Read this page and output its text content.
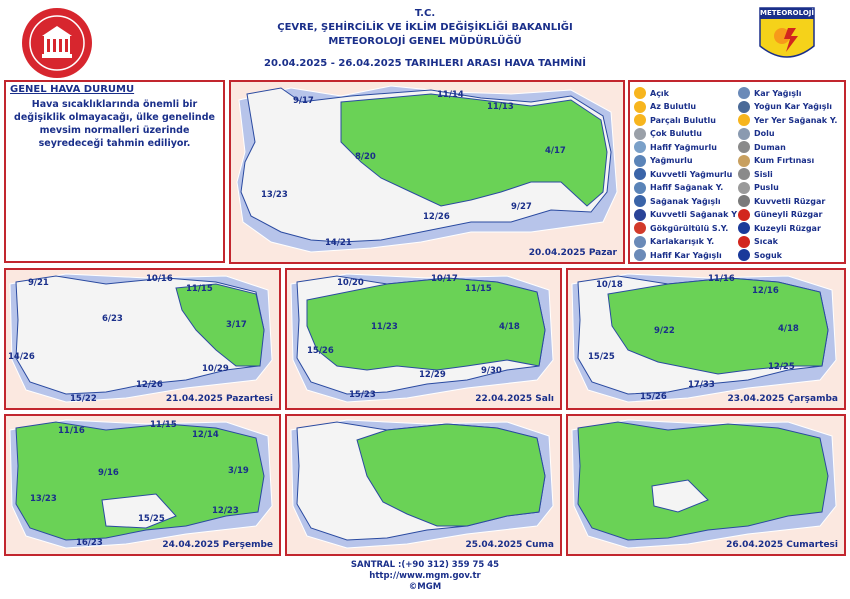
T.C.
ÇEVRE, ŞEHİRCİLİK VE İKLİM DEĞİŞİKLİĞİ BAKANLIĞI
METEOROLOJİ GENEL MÜDÜRLÜĞÜ
20.04.2025 - 26.04.2025 TARIHLERI ARASI HAVA TAHMİNİ
METEOROLOJİ
GENEL HAVA DURUMU
Hava sıcaklıklarında önemli bir değişiklik olmayacağı, ülke genelinde mevsim normalleri üzerinde seyredeceği tahmin ediliyor.
9/17
11/14
11/13
8/20
4/17
13/23
12/26
9/27
14/21
20.04.2025 Pazar
Açık
Az Bulutlu
Parçalı Bulutlu
Çok Bulutlu
Hafif Yağmurlu
Yağmurlu
Kuvvetli Yağmurlu
Hafif Sağanak Y.
Sağanak Yağışlı
Kuvvetli Sağanak Y
Gökgürültülü S.Y.
Karlakarışık Y.
Hafif Kar Yağışlı
Kar Yağışlı
Yoğun Kar Yağışlı
Yer Yer Sağanak Y.
Dolu
Duman
Kum Fırtınası
Sisli
Puslu
Kuvvetli Rüzgar
Güneyli Rüzgar
Kuzeyli Rüzgar
Sıcak
Soguk
9/21	10/16
11/15
6/23
14/26
3/17
10/29
12/26
15/22	21.04.2025 Pazartesi
10/20	10/17
11/15
11/23	4/18
15/26
12/29	9/30
15/23	22.04.2025 Salı
10/18
11/16
12/16
9/22	4/18
15/25
12/25
17/33
15/26	23.04.2025 Çarşamba
11/16
11/15
12/14
9/16	3/19
13/23
15/25
12/23
16/23	24.04.2025 Perşembe	25.04.2025 Cuma	26.04.2025 Cumartesi
SANTRAL :(+90 312) 359 75 45
http://www.mgm.gov.tr
©MGM
